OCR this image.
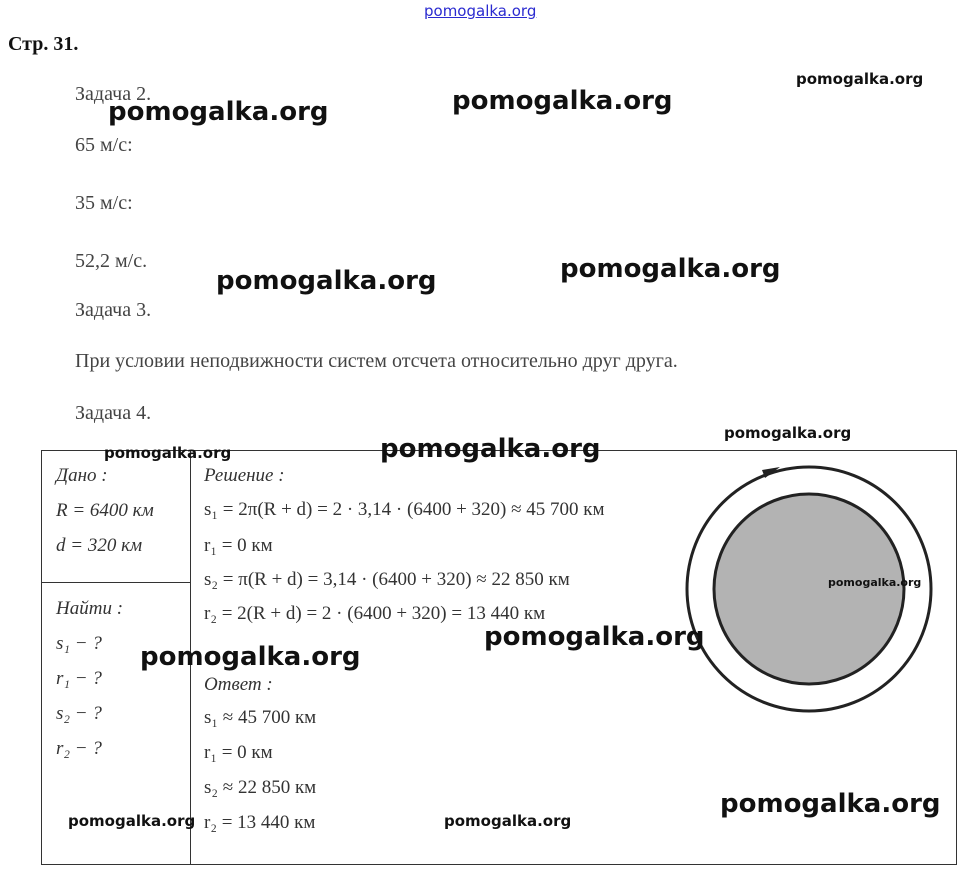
pomogalka.org
Стр. 31.
Задача 2.
65 м/с:
35 м/с:
52,2 м/с.
Задача 3.
При условии неподвижности систем отсчета относительно друг друга.
Задача 4.
Дано :
R = 6400 км
d = 320 км
Найти :
s₁ − ?
r₁ − ?
s₂ − ?
r₂ − ?
Решение :
s₁ = 2π(R + d) = 2 · 3,14 · (6400 + 320) ≈ 45 700 км
r₁ = 0 км
s₂ = π(R + d) = 3,14 · (6400 + 320) ≈ 22 850 км
r₂ = 2(R + d) = 2 · (6400 + 320) = 13 440 км
Ответ :
s₁ ≈ 45 700 км
r₁ = 0 км
s₂ ≈ 22 850 км
r₂ = 13 440 км
pomogalka.org
pomogalka.org
pomogalka.org
pomogalka.org
pomogalka.org
pomogalka.org
pomogalka.org	pomogalka.org
pomogalka.org
pomogalka.org
pomogalka.org
pomogalka.org
pomogalka.org	pomogalka.org
